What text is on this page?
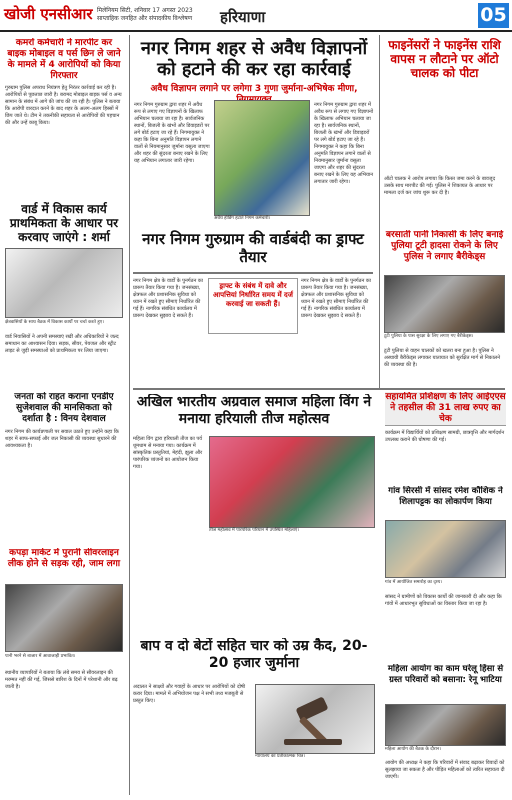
खोजी एनसीआर मिलेनियम सिटी, शनिवार 17 अगस्त 2023
साप्ताहिक जनहित और संपादकीय विश्लेषण हरियाणा	05
कमरों कर्मचारी ने मारपीट कर बाइक मोबाइल व पर्स छिन ले जाने के मामले में 4 आरोपियों को किया गिरफ्तार

गुरुग्राम पुलिस अपराध नियंत्रण हेतु निरंतर कार्रवाई कर रही है। आरोपियों से पूछताछ जारी है। बरामद मोबाइल बाइक पर्स व अन्य सामान के संबंध में आगे की जांच की जा रही है। पुलिस ने बताया कि आरोपी वारदात करने के बाद शहर के अलग-अलग हिस्सों में छिप जाते थे। टीम ने तकनीकी सहायता से आरोपियों की पहचान की और उन्हें काबू किया।

वार्ड में विकास कार्य प्राथमिकता के आधार पर करवाए जाएंगे : शर्मा
क्षेत्रवासियों के साथ बैठक में विकास कार्यों पर चर्चा करते हुए।

वार्ड निवासियों ने अपनी समस्याएं रखीं और अधिकारियों ने जल्द समाधान का आश्वासन दिया। सड़क, सीवर, पेयजल और स्ट्रीट लाइट से जुड़ी समस्याओं को प्राथमिकता पर लिया जाएगा।

जनता को राहत कराना एनडीए सुजेशवाल की मानसिकता को दर्शाता है : विनय देशवाल

नगर निगम की कार्यप्रणाली पर सवाल उठाते हुए उन्होंने कहा कि शहर में साफ-सफाई और जल निकासी की व्यवस्था सुधारने की आवश्यकता है।

कपड़ा मार्केट में पुरानी सीवरलाइन लीक होने से सड़क रही, जाम लगा
पानी भरने से बाजार में आवाजाही प्रभावित।

स्थानीय व्यापारियों ने बताया कि लंबे समय से सीवरलाइन की मरम्मत नहीं की गई, जिससे बारिश के दिनों में परेशानी और बढ़ जाती है।

नगर निगम शहर से अवैध विज्ञापनों को हटाने की कर रहा कार्रवाई
अवैध विज्ञापन लगाने पर लगेगा 3 गुणा जुर्माना-अभिषेक मीणा,
अवैध होर्डिंग हटाते निगम कर्मचारी।

नगर निगम गुरुग्राम द्वारा शहर में अवैध रूप से लगाए गए विज्ञापनों के खिलाफ अभियान चलाया जा रहा है। सार्वजनिक स्थानों, बिजली के खंभों और डिवाइडरों पर लगे बोर्ड हटाए जा रहे हैं। निगमायुक्त ने कहा कि बिना अनुमति विज्ञापन लगाने वालों से नियमानुसार जुर्माना वसूला जाएगा और शहर की सुंदरता बनाए रखने के लिए यह अभियान लगातार जारी रहेगा।

नगर निगम गुरुग्राम द्वारा शहर में अवैध रूप से लगाए गए विज्ञापनों के खिलाफ अभियान चलाया जा रहा है। सार्वजनिक स्थानों, बिजली के खंभों और डिवाइडरों पर लगे बोर्ड हटाए जा रहे हैं। निगमायुक्त ने कहा कि बिना अनुमति विज्ञापन लगाने वालों से नियमानुसार जुर्माना वसूला जाएगा और शहर की सुंदरता बनाए रखने के लिए यह अभियान लगातार जारी रहेगा।

नगर निगम गुरुग्राम की वार्डबंदी का ड्राफ्ट तैयार
ड्राफ्ट के संबंध में दावे और आपत्तियां निर्धारित समय में दर्ज करवाई जा सकती हैं।

नगर निगम क्षेत्र के वार्डों के पुनर्गठन का प्रारूप तैयार किया गया है। जनसंख्या, क्षेत्रफल और प्रशासनिक सुविधा को ध्यान में रखते हुए सीमाएं निर्धारित की गई हैं। नागरिक संबंधित कार्यालय में प्रारूप देखकर सुझाव दे सकते हैं।

नगर निगम क्षेत्र के वार्डों के पुनर्गठन का प्रारूप तैयार किया गया है। जनसंख्या, क्षेत्रफल और प्रशासनिक सुविधा को ध्यान में रखते हुए सीमाएं निर्धारित की गई हैं। नागरिक संबंधित कार्यालय में प्रारूप देखकर सुझाव दे सकते हैं।

फाइनेंसरों ने फाइनेंस राशि वापस न लौटाने पर ऑटो चालक को पीटा

ऑटो चालक ने आरोप लगाया कि किस्त जमा करने के बावजूद उसके साथ मारपीट की गई। पुलिस ने शिकायत के आधार पर मामला दर्ज कर जांच शुरू कर दी है।

बरसाती पानी निकासी के लिए बनाई पुलिया टूटी हादसा रोकने के लिए पुलिस ने लगाए बैरीकेड्स
टूटी पुलिया के पास सुरक्षा के लिए लगाए गए बैरीकेड्स।

टूटी पुलिया से वाहन चालकों को खतरा बना हुआ है। पुलिस ने अस्थायी बैरीकेड्स लगाकर यातायात को सुरक्षित मार्ग से निकालने की व्यवस्था की है।

अखिल भारतीय अग्रवाल समाज महिला विंग ने मनाया हरियाली तीज महोत्सव
तीज महोत्सव में पारंपरिक परिधान में उपस्थित महिलाएं।

महिला विंग द्वारा हरियाली तीज का पर्व धूमधाम से मनाया गया। कार्यक्रम में सांस्कृतिक प्रस्तुतियां, मेहंदी, झूला और पारंपरिक व्यंजनों का आयोजन किया गया।

सहायमित प्रशिक्षण के लिए आईएएस ने तहसील की 31 लाख रुपए का चेक

कार्यक्रम में विद्यार्थियों को प्रशिक्षण सामग्री, छात्रवृत्ति और मार्गदर्शन उपलब्ध कराने की घोषणा की गई।

गांव सिरसी में सांसद रमेश कौशिक ने शिलापट्टक का लोकार्पण किया
गांव में आयोजित समारोह का दृश्य।

सांसद ने ग्रामीणों को विकास कार्यों की जानकारी दी और कहा कि गांवों में आधारभूत सुविधाओं का विस्तार किया जा रहा है।

बाप व दो बेटों सहित चार को उम्र कैद, 20-20 हजार जुर्माना
न्यायालय का प्रतीकात्मक चित्र।

अदालत ने साक्ष्यों और गवाहों के आधार पर आरोपियों को दोषी करार दिया। मामले में अभियोजन पक्ष ने सभी तथ्य मजबूती से प्रस्तुत किए।

महिला आयोग का काम घरेलू हिंसा से ग्रस्त परिवारों को बसाना: रेनू भाटिया
महिला आयोग की बैठक के दौरान।

आयोग की अध्यक्ष ने कहा कि परिवारों में संवाद बढ़ाकर विवादों को सुलझाया जा सकता है और पीड़ित महिलाओं को त्वरित सहायता दी जाएगी।
